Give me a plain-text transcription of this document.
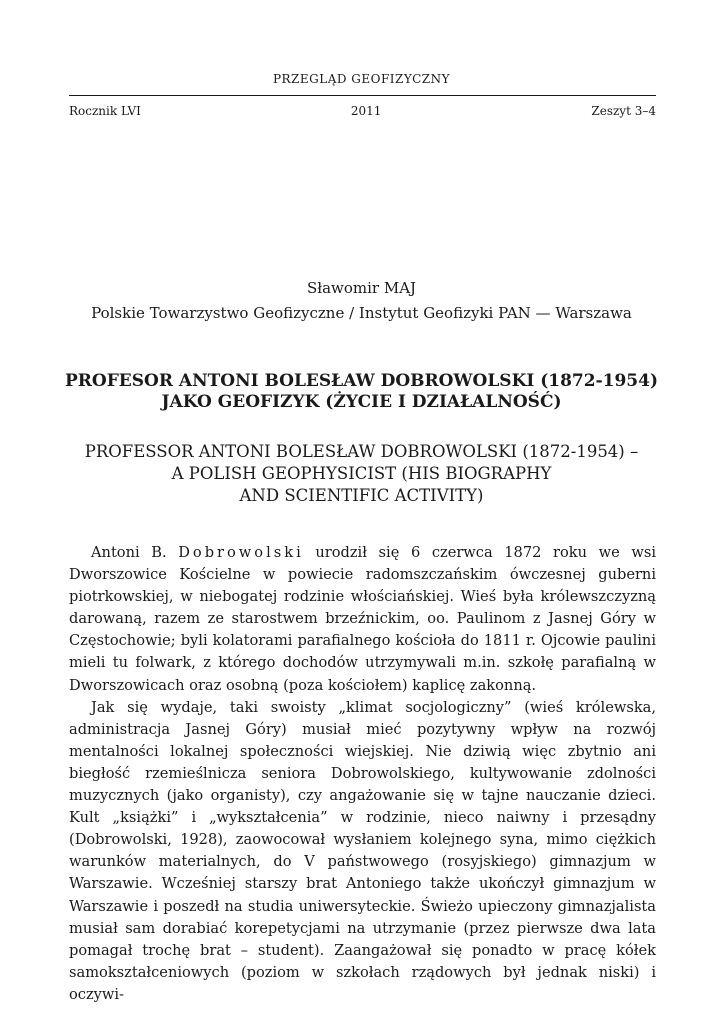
PRZEGLĄD GEOFIZYCZNY
Rocznik LVI	2011	Zeszyt 3–4
Sławomir MAJ
Polskie Towarzystwo Geofizyczne / Instytut Geofizyki PAN — Warszawa
PROFESOR ANTONI BOLESŁAW DOBROWOLSKI (1872-1954)
JAKO GEOFIZYK (ŻYCIE I DZIAŁALNOŚĆ)
PROFESSOR ANTONI BOLESŁAW DOBROWOLSKI (1872-1954) –
A POLISH GEOPHYSICIST (HIS BIOGRAPHY
AND SCIENTIFIC ACTIVITY)

Antoni B. Dobrowolski urodził się 6 czerwca 1872 roku we wsi Dworszowice Kościelne w powiecie radomszczańskim ówczesnej guberni piotrkowskiej, w niebogatej rodzinie włościańskiej. Wieś była królewszczyzną darowaną, razem ze starostwem brzeźnickim, oo. Paulinom z Jasnej Góry w Częstochowie; byli kolatorami parafialnego kościoła do 1811 r. Ojcowie paulini mieli tu folwark, z którego dochodów utrzymywali m.in. szkołę parafialną w Dworszowicach oraz osobną (poza kościołem) kaplicę zakonną.

Jak się wydaje, taki swoisty „klimat socjologiczny” (wieś królewska, administracja Jasnej Góry) musiał mieć pozytywny wpływ na rozwój mentalności lokalnej społeczności wiejskiej. Nie dziwią więc zbytnio ani biegłość rzemieślnicza seniora Dobrowolskiego, kultywowanie zdolności muzycznych (jako organisty), czy angażowanie się w tajne nauczanie dzieci. Kult „książki” i „wykształcenia” w rodzinie, nieco naiwny i przesądny (Dobrowolski, 1928), zaowocował wysłaniem kolejnego syna, mimo ciężkich warunków materialnych, do V państwowego (rosyjskiego) gimnazjum w Warszawie. Wcześniej starszy brat Antoniego także ukończył gimnazjum w Warszawie i poszedł na studia uniwersyteckie. Świeżo upieczony gimnazjalista musiał sam dorabiać korepetycjami na utrzymanie (przez pierwsze dwa lata pomagał trochę brat – student). Zaangażował się ponadto w pracę kółek samokształceniowych (poziom w szkołach rządowych był jednak niski) i oczywi-
